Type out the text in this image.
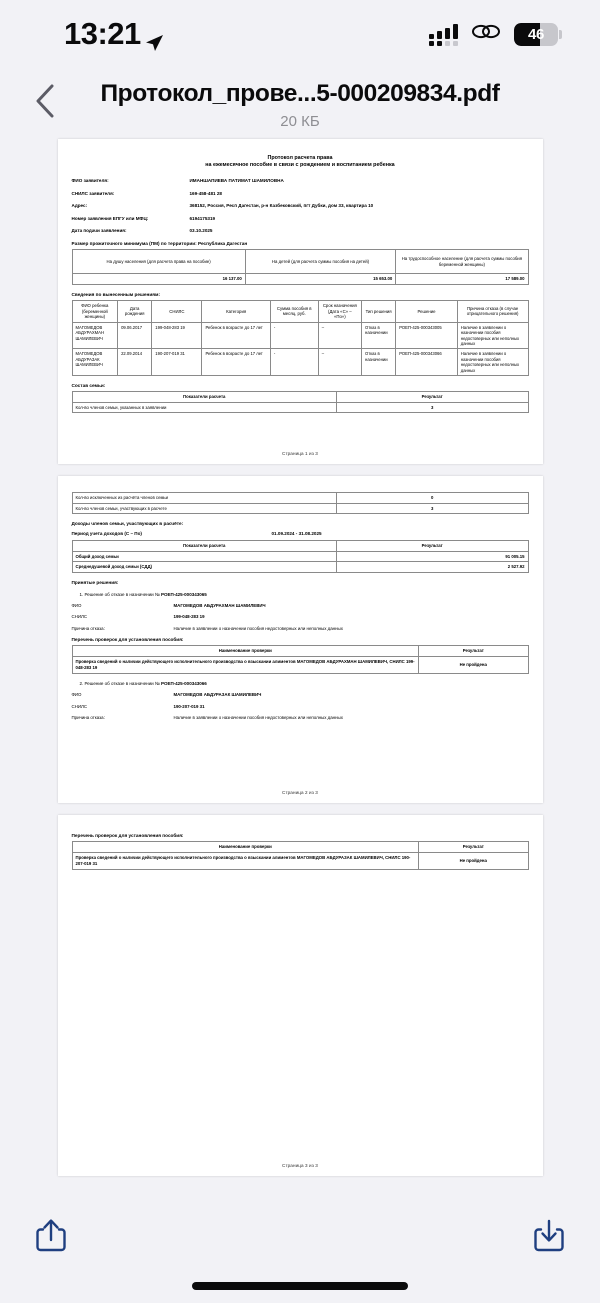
13:21	46
Протокол_прове...5-000209834.pdf
20 КБ
Протокол расчета права
на ежемесячное пособие в связи с рождением и воспитанием ребенка
ФИО заявителя:	ИМАНШАПИЕВА ПАТИМАТ ШАМИЛОВНА
СНИЛС заявителя:	169-458-481 28
Адрес:	368152, Россия, Респ Дагестан, р-н Казбековский, пгт Дубки, дом 33, квартира 10
Номер заявления ЕПГУ или МФЦ:	6194175319
Дата подачи заявления:	03.10.2025
Размер прожиточного минимума (ПМ) по территории: Республика Дагестан
На душу населения (для расчета права на пособие)	На детей (для расчета суммы пособия на детей)	На трудоспособное население (для расчета суммы пособия беременной женщины)
16 137.00	15 653.00	17 589.00
Сведения по вынесенным решениям:
ФИО ребенка (беременной женщины)	Дата рождения	СНИЛС	Категория	Сумма пособия в месяц, руб.	Срок назначения (Дата «С» – «По»)	Тип решения	Решение	Причина отказа (в случае отрицательного решения)
МАГОМЕДОВ АБДУРАХМАН ШАМИЛЕВИЧ	09.06.2017	199-048-283 19	Ребенок в возрасте до 17 лет	-	–	Отказ в назначении	РОЕП-425-000343005	Наличие в заявлении о назначении пособия недостоверных или неполных данных
МАГОМЕДОВ АБДУРАЗАК ШАМИЛЕВИЧ	22.09.2014	190-207-019 31	Ребенок в возрасте до 17 лет	-	–	Отказ в назначении	РОЕП-425-000343066	Наличие в заявлении о назначении пособия недостоверных или неполных данных
Состав семьи:
Показатели расчета	Результат
Кол-во членов семьи, указанных в заявлении	3
Страница 1 из 3
Кол-во исключенных из расчёта членов семьи	0
Кол-во членов семьи, участвующих в расчете	3
Доходы членов семьи, участвующих в расчёте:
Период учета доходов (С – По)	01.09.2024 - 31.08.2025
Показатели расчета	Результат
Общий доход семьи	91 005.15
Среднедушевой доход семьи (СДД)	2 527.92
Принятые решения:
1. Решение об отказе в назначении № РОЕП-425-000343065
ФИО	МАГОМЕДОВ АБДУРАХМАН ШАМИЛЕВИЧ
СНИЛС	199-048-283 19
Причина отказа:	Наличие в заявлении о назначении пособия недостоверных или неполных данных
Перечень проверок для установления пособия:
Наименование проверки	Результат
Проверка сведений о наличии действующего исполнительного производства о взыскании алиментов МАГОМЕДОВ АБДУРАХМАН ШАМИЛЕВИЧ, СНИЛС 199-048-283 19	Не пройдена
2. Решение об отказе в назначении № РОЕП-425-000343066
ФИО	МАГОМЕДОВ АБДУРАЗАК ШАМИЛЕВИЧ
СНИЛС	190-207-019 31
Причина отказа:	Наличие в заявлении о назначении пособия недостоверных или неполных данных
Страница 2 из 3
Перечень проверок для установления пособия:
Наименование проверки	Результат
Проверка сведений о наличии действующего исполнительного производства о взыскании алиментов МАГОМЕДОВ АБДУРАЗАК ШАМИЛЕВИЧ, СНИЛС 190-207-019 31	Не пройдена
Страница 3 из 3
